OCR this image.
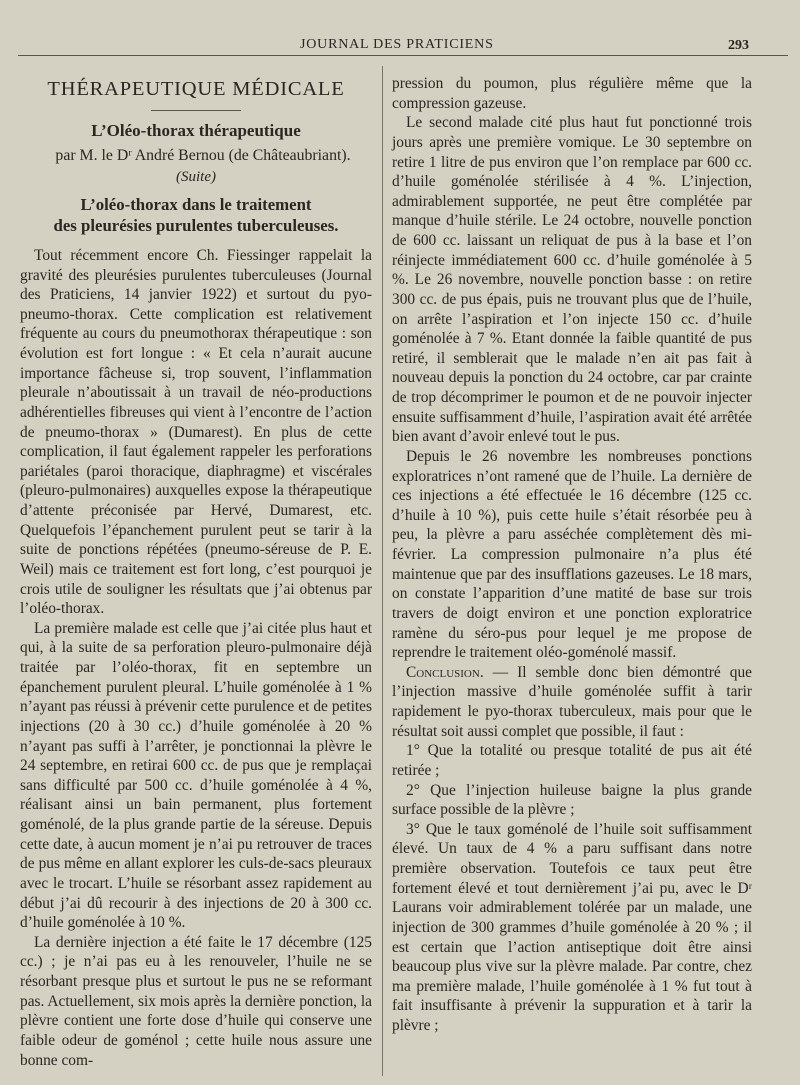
JOURNAL DES PRATICIENS	293
THÉRAPEUTIQUE MÉDICALE
L’Oléo-thorax thérapeutique

par M. le Dʳ André Bernou (de Châteaubriant).

(Suite)
L’oléo-thorax dans le traitement
des pleurésies purulentes tuberculeuses.

Tout récemment encore Ch. Fiessinger rappelait la gravité des pleurésies purulentes tuberculeuses (Journal des Praticiens, 14 janvier 1922) et surtout du pyo-pneumo-thorax. Cette complication est relativement fréquente au cours du pneumothorax thérapeutique : son évolution est fort longue : « Et cela n’aurait aucune importance fâcheuse si, trop souvent, l’inflammation pleurale n’aboutissait à un travail de néo-productions adhérentielles fibreuses qui vient à l’encontre de l’action de pneumo-thorax » (Dumarest). En plus de cette complication, il faut également rappeler les perforations pariétales (paroi thoracique, diaphragme) et viscérales (pleuro-pulmonaires) auxquelles expose la thérapeutique d’attente préconisée par Hervé, Dumarest, etc. Quelquefois l’épanchement purulent peut se tarir à la suite de ponctions répétées (pneumo-séreuse de P. E. Weil) mais ce traitement est fort long, c’est pourquoi je crois utile de souligner les résultats que j’ai obtenus par l’oléo-thorax.

La première malade est celle que j’ai citée plus haut et qui, à la suite de sa perforation pleuro-pulmonaire déjà traitée par l’oléo-thorax, fit en septembre un épanchement purulent pleural. L’huile goménolée à 1 % n’ayant pas réussi à prévenir cette purulence et de petites injections (20 à 30 cc.) d’huile goménolée à 20 % n’ayant pas suffi à l’arrêter, je ponctionnai la plèvre le 24 septembre, en retirai 600 cc. de pus que je remplaçai sans difficulté par 500 cc. d’huile goménolée à 4 %, réalisant ainsi un bain permanent, plus fortement goménolé, de la plus grande partie de la séreuse. Depuis cette date, à aucun moment je n’ai pu retrouver de traces de pus même en allant explorer les culs-de-sacs pleuraux avec le trocart. L’huile se résorbant assez rapidement au début j’ai dû recourir à des injections de 20 à 300 cc. d’huile goménolée à 10 %.

La dernière injection a été faite le 17 décembre (125 cc.) ; je n’ai pas eu à les renouveler, l’huile ne se résorbant presque plus et surtout le pus ne se reformant pas. Actuellement, six mois après la dernière ponction, la plèvre contient une forte dose d’huile qui conserve une faible odeur de goménol ; cette huile nous assure une bonne com-

pression du poumon, plus régulière même que la compression gazeuse.

Le second malade cité plus haut fut ponctionné trois jours après une première vomique. Le 30 septembre on retire 1 litre de pus environ que l’on remplace par 600 cc. d’huile goménolée stérilisée à 4 %. L’injection, admirablement supportée, ne peut être complétée par manque d’huile stérile. Le 24 octobre, nouvelle ponction de 600 cc. laissant un reliquat de pus à la base et l’on réinjecte immédiatement 600 cc. d’huile goménolée à 5 %. Le 26 novembre, nouvelle ponction basse : on retire 300 cc. de pus épais, puis ne trouvant plus que de l’huile, on arrête l’aspiration et l’on injecte 150 cc. d’huile goménolée à 7 %. Etant donnée la faible quantité de pus retiré, il semblerait que le malade n’en ait pas fait à nouveau depuis la ponction du 24 octobre, car par crainte de trop décomprimer le poumon et de ne pouvoir injecter ensuite suffisamment d’huile, l’aspiration avait été arrêtée bien avant d’avoir enlevé tout le pus.

Depuis le 26 novembre les nombreuses ponctions exploratrices n’ont ramené que de l’huile. La dernière de ces injections a été effectuée le 16 décembre (125 cc. d’huile à 10 %), puis cette huile s’était résorbée peu à peu, la plèvre a paru asséchée complètement dès mi-février. La compression pulmonaire n’a plus été maintenue que par des insufflations gazeuses. Le 18 mars, on constate l’apparition d’une matité de base sur trois travers de doigt environ et une ponction exploratrice ramène du séro-pus pour lequel je me propose de reprendre le traitement oléo-goménolé massif.

Conclusion. — Il semble donc bien démontré que l’injection massive d’huile goménolée suffit à tarir rapidement le pyo-thorax tuberculeux, mais pour que le résultat soit aussi complet que possible, il faut :

1° Que la totalité ou presque totalité de pus ait été retirée ;

2° Que l’injection huileuse baigne la plus grande surface possible de la plèvre ;

3° Que le taux goménolé de l’huile soit suffisamment élevé. Un taux de 4 % a paru suffisant dans notre première observation. Toutefois ce taux peut être fortement élevé et tout dernièrement j’ai pu, avec le Dʳ Laurans voir admirablement tolérée par un malade, une injection de 300 grammes d’huile goménolée à 20 % ; il est certain que l’action antiseptique doit être ainsi beaucoup plus vive sur la plèvre malade. Par contre, chez ma première malade, l’huile goménolée à 1 % fut tout à fait insuffisante à prévenir la suppuration et à tarir la plèvre ;
